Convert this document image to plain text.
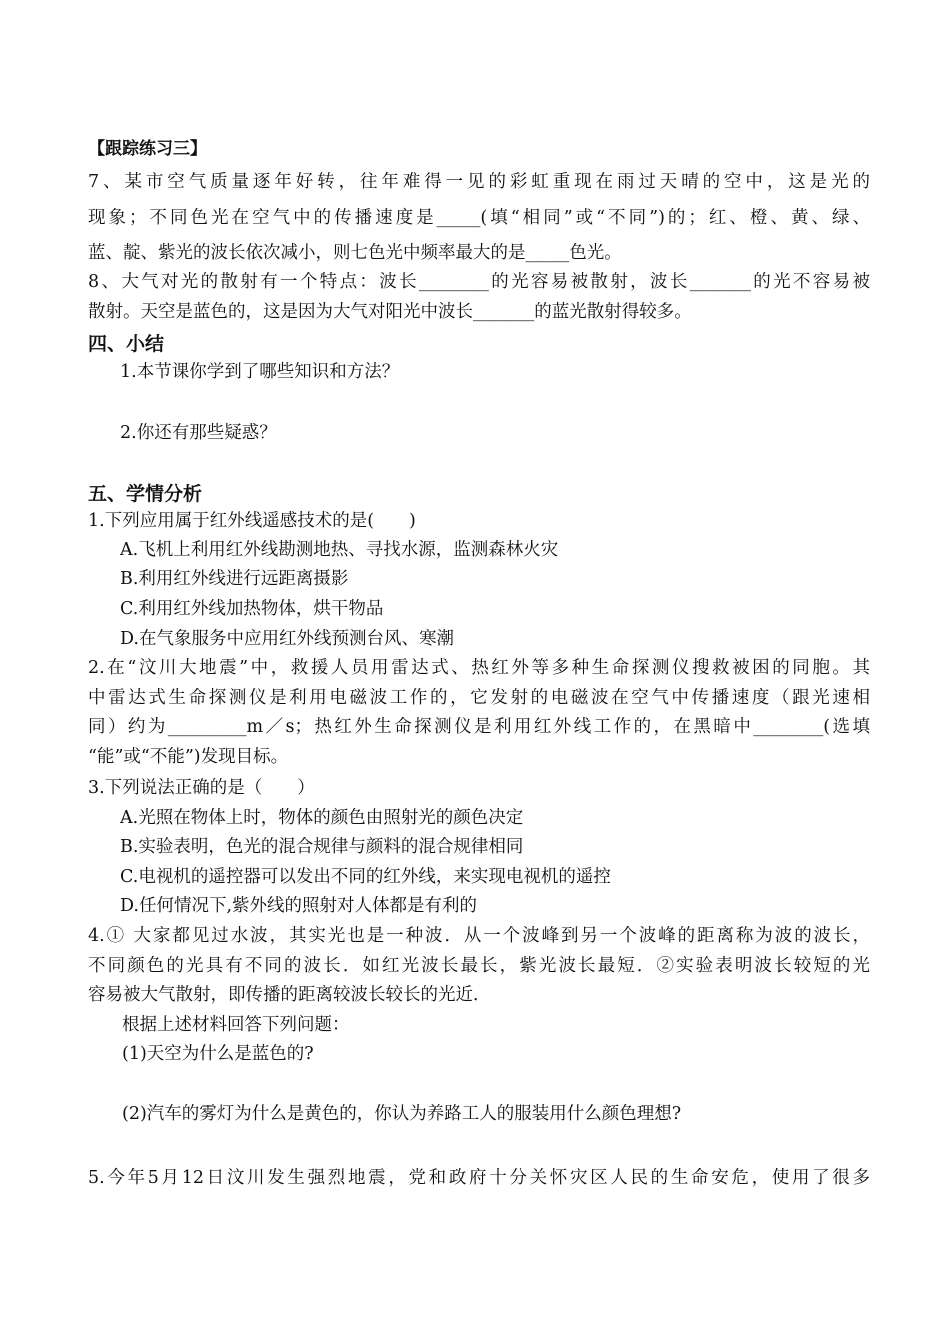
【跟踪练习三】
7、某市空气质量逐年好转，往年难得一见的彩虹重现在雨过天晴的空中，这是光的
现象；不同色光在空气中的传播速度是_____(填“相同”或“不同”)的；红、橙、黄、绿、
蓝、靛、紫光的波长依次减小，则七色光中频率最大的是_____色光。
8、大气对光的散射有一个特点：波长________的光容易被散射，波长_______的光不容易被
散射。天空是蓝色的，这是因为大气对阳光中波长_______的蓝光散射得较多。
四、小结
1.本节课你学到了哪些知识和方法？
2.你还有那些疑惑？
五、学情分析
1.下列应用属于红外线遥感技术的是(　　)
A.飞机上利用红外线勘测地热、寻找水源，监测森林火灾
B.利用红外线进行远距离摄影
C.利用红外线加热物体，烘干物品
D.在气象服务中应用红外线预测台风、寒潮
2.在“汶川大地震”中，救援人员用雷达式、热红外等多种生命探测仪搜救被困的同胞。其
中雷达式生命探测仪是利用电磁波工作的，它发射的电磁波在空气中传播速度（跟光速相
同）约为_________m／s；热红外生命探测仪是利用红外线工作的，在黑暗中________(选填
“能”或“不能”)发现目标。
3.下列说法正确的是（　　）
A.光照在物体上时，物体的颜色由照射光的颜色决定
B.实验表明，色光的混合规律与颜料的混合规律相同
C.电视机的遥控器可以发出不同的红外线，来实现电视机的遥控
D.任何情况下,紫外线的照射对人体都是有利的
4.① 大家都见过水波，其实光也是一种波．从一个波峰到另一个波峰的距离称为波的波长，
不同颜色的光具有不同的波长．如红光波长最长，紫光波长最短．②实验表明波长较短的光
容易被大气散射，即传播的距离较波长较长的光近．
根据上述材料回答下列问题：
(1)天空为什么是蓝色的?
(2)汽车的雾灯为什么是黄色的，你认为养路工人的服装用什么颜色理想?
5.今年5月12日汶川发生强烈地震，党和政府十分关怀灾区人民的生命安危，使用了很多
